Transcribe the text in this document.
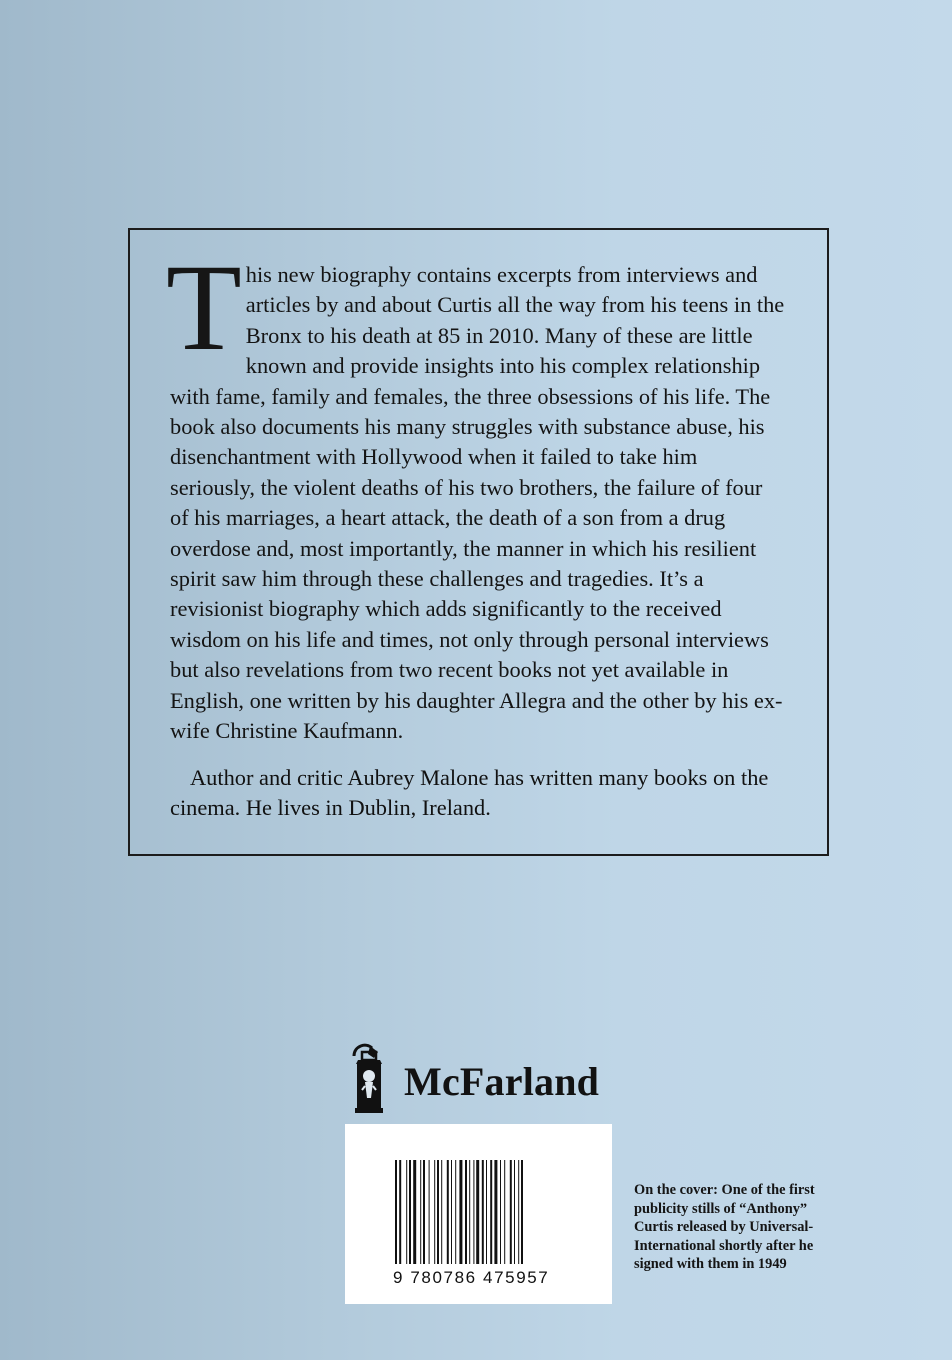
This new biography contains excerpts from interviews and articles by and about Curtis all the way from his teens in the Bronx to his death at 85 in 2010. Many of these are little known and provide insights into his complex relationship with fame, family and females, the three obsessions of his life. The book also documents his many struggles with substance abuse, his disenchantment with Hollywood when it failed to take him seriously, the violent deaths of his two brothers, the failure of four of his marriages, a heart attack, the death of a son from a drug overdose and, most importantly, the manner in which his resilient spirit saw him through these challenges and tragedies. It’s a revisionist biography which adds significantly to the received wisdom on his life and times, not only through personal interviews but also revelations from two recent books not yet available in English, one written by his daughter Allegra and the other by his ex-wife Christine Kaufmann.

Author and critic Aubrey Malone has written many books on the cinema. He lives in Dublin, Ireland.

McFarland
9 780786 475957
On the cover: One of the first publicity stills of “Anthony” Curtis released by Universal-International shortly after he signed with them in 1949
